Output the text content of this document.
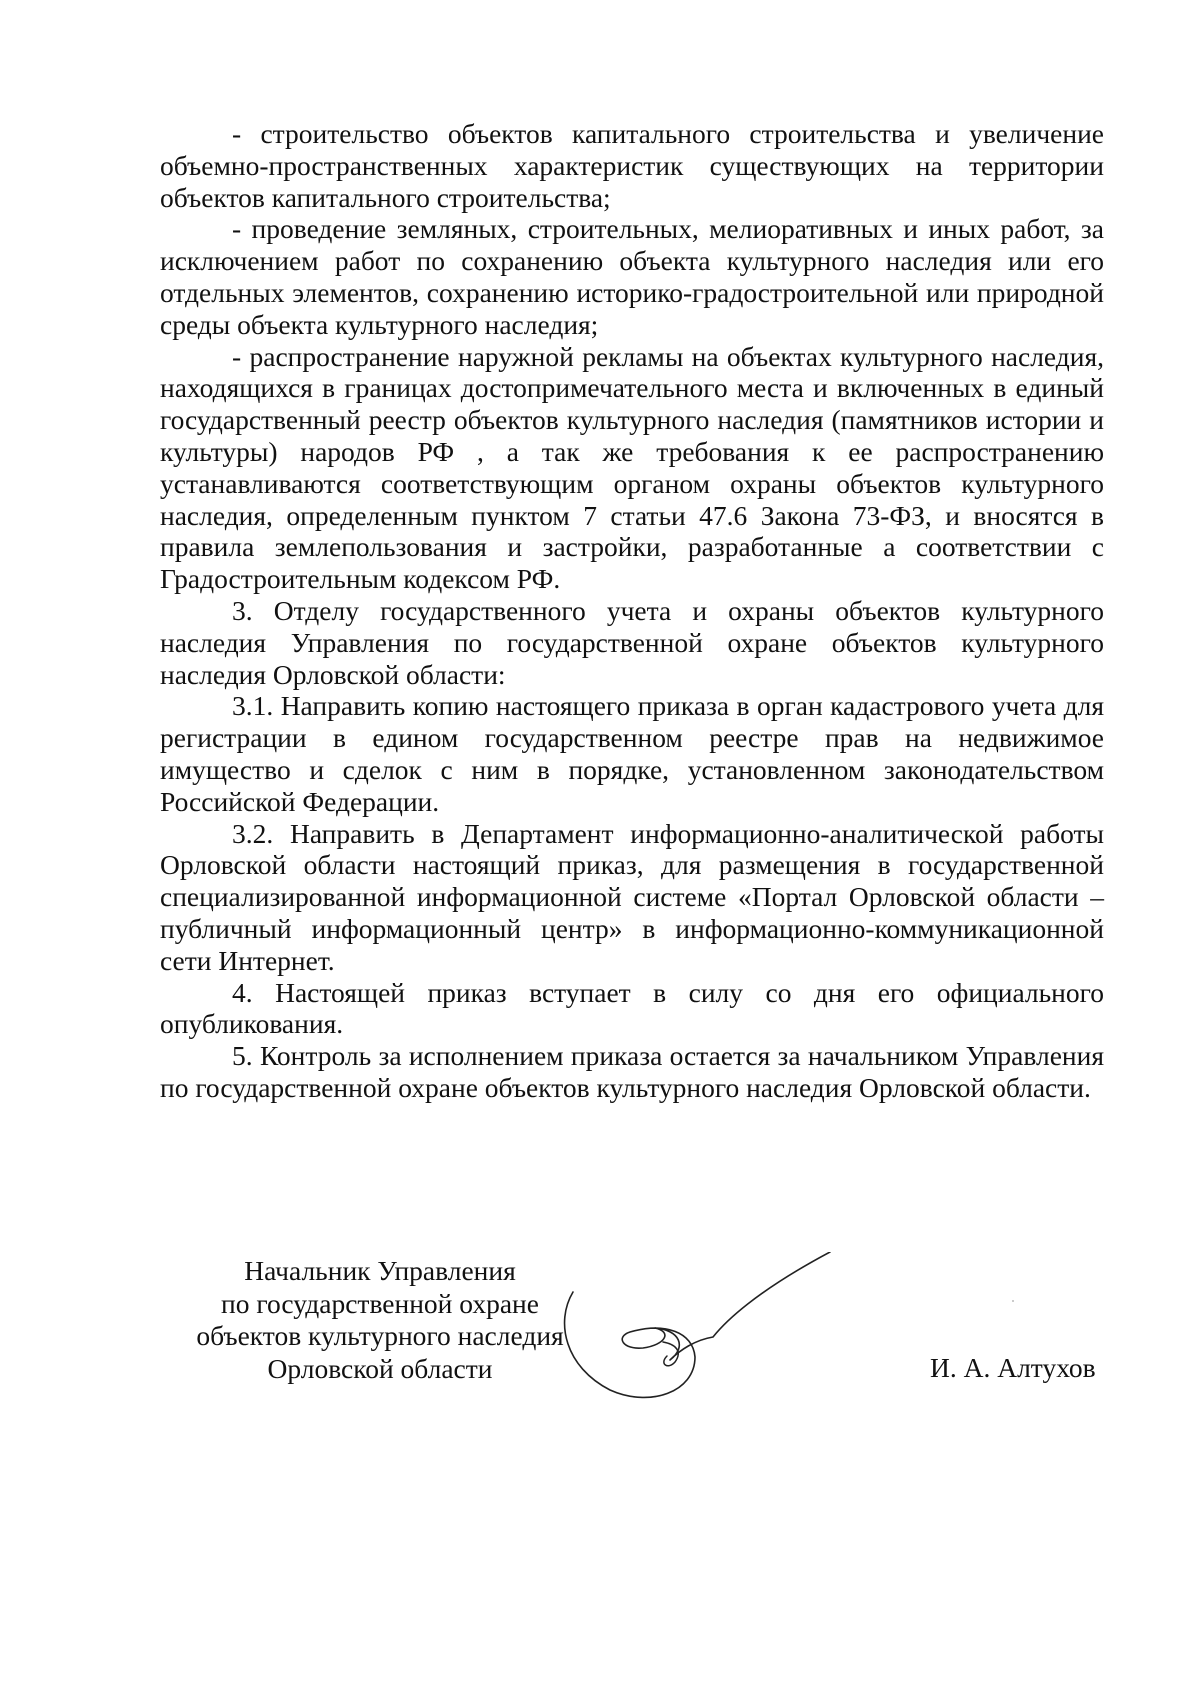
- строительство объектов капитального строительства и увеличение объемно-пространственных характеристик существующих на территории объектов капитального строительства;

- проведение земляных, строительных, мелиоративных и иных работ, за исключением работ по сохранению объекта культурного наследия или его отдельных элементов, сохранению историко-градостроительной или природной среды объекта культурного наследия;

- распространение наружной рекламы на объектах культурного наследия, находящихся в границах достопримечательного места и включенных в единый государственный реестр объектов культурного наследия (памятников истории и культуры) народов РФ , а так же требования к ее распространению устанавливаются соответствующим органом охраны объектов культурного наследия, определенным пунктом 7 статьи 47.6 Закона 73-ФЗ, и вносятся в правила землепользования и застройки, разработанные а соответствии с Градостроительным кодексом РФ.

3. Отделу государственного учета и охраны объектов культурного наследия Управления по государственной охране объектов культурного наследия Орловской области:

3.1. Направить копию настоящего приказа в орган кадастрового учета для регистрации в едином государственном реестре прав на недвижимое имущество и сделок с ним в порядке, установленном законодательством Российской Федерации.

3.2. Направить в Департамент информационно-аналитической работы Орловской области настоящий приказ, для размещения в государственной специализированной информационной системе «Портал Орловской области – публичный информационный центр» в информационно-коммуникационной сети Интернет.

4. Настоящей приказ вступает в силу со дня его официального опубликования.

5. Контроль за исполнением приказа остается за начальником Управления по государственной охране объектов культурного наследия Орловской области.

Начальник Управления
по государственной охране
объектов культурного наследия
Орловской области	И. А. Алтухов
